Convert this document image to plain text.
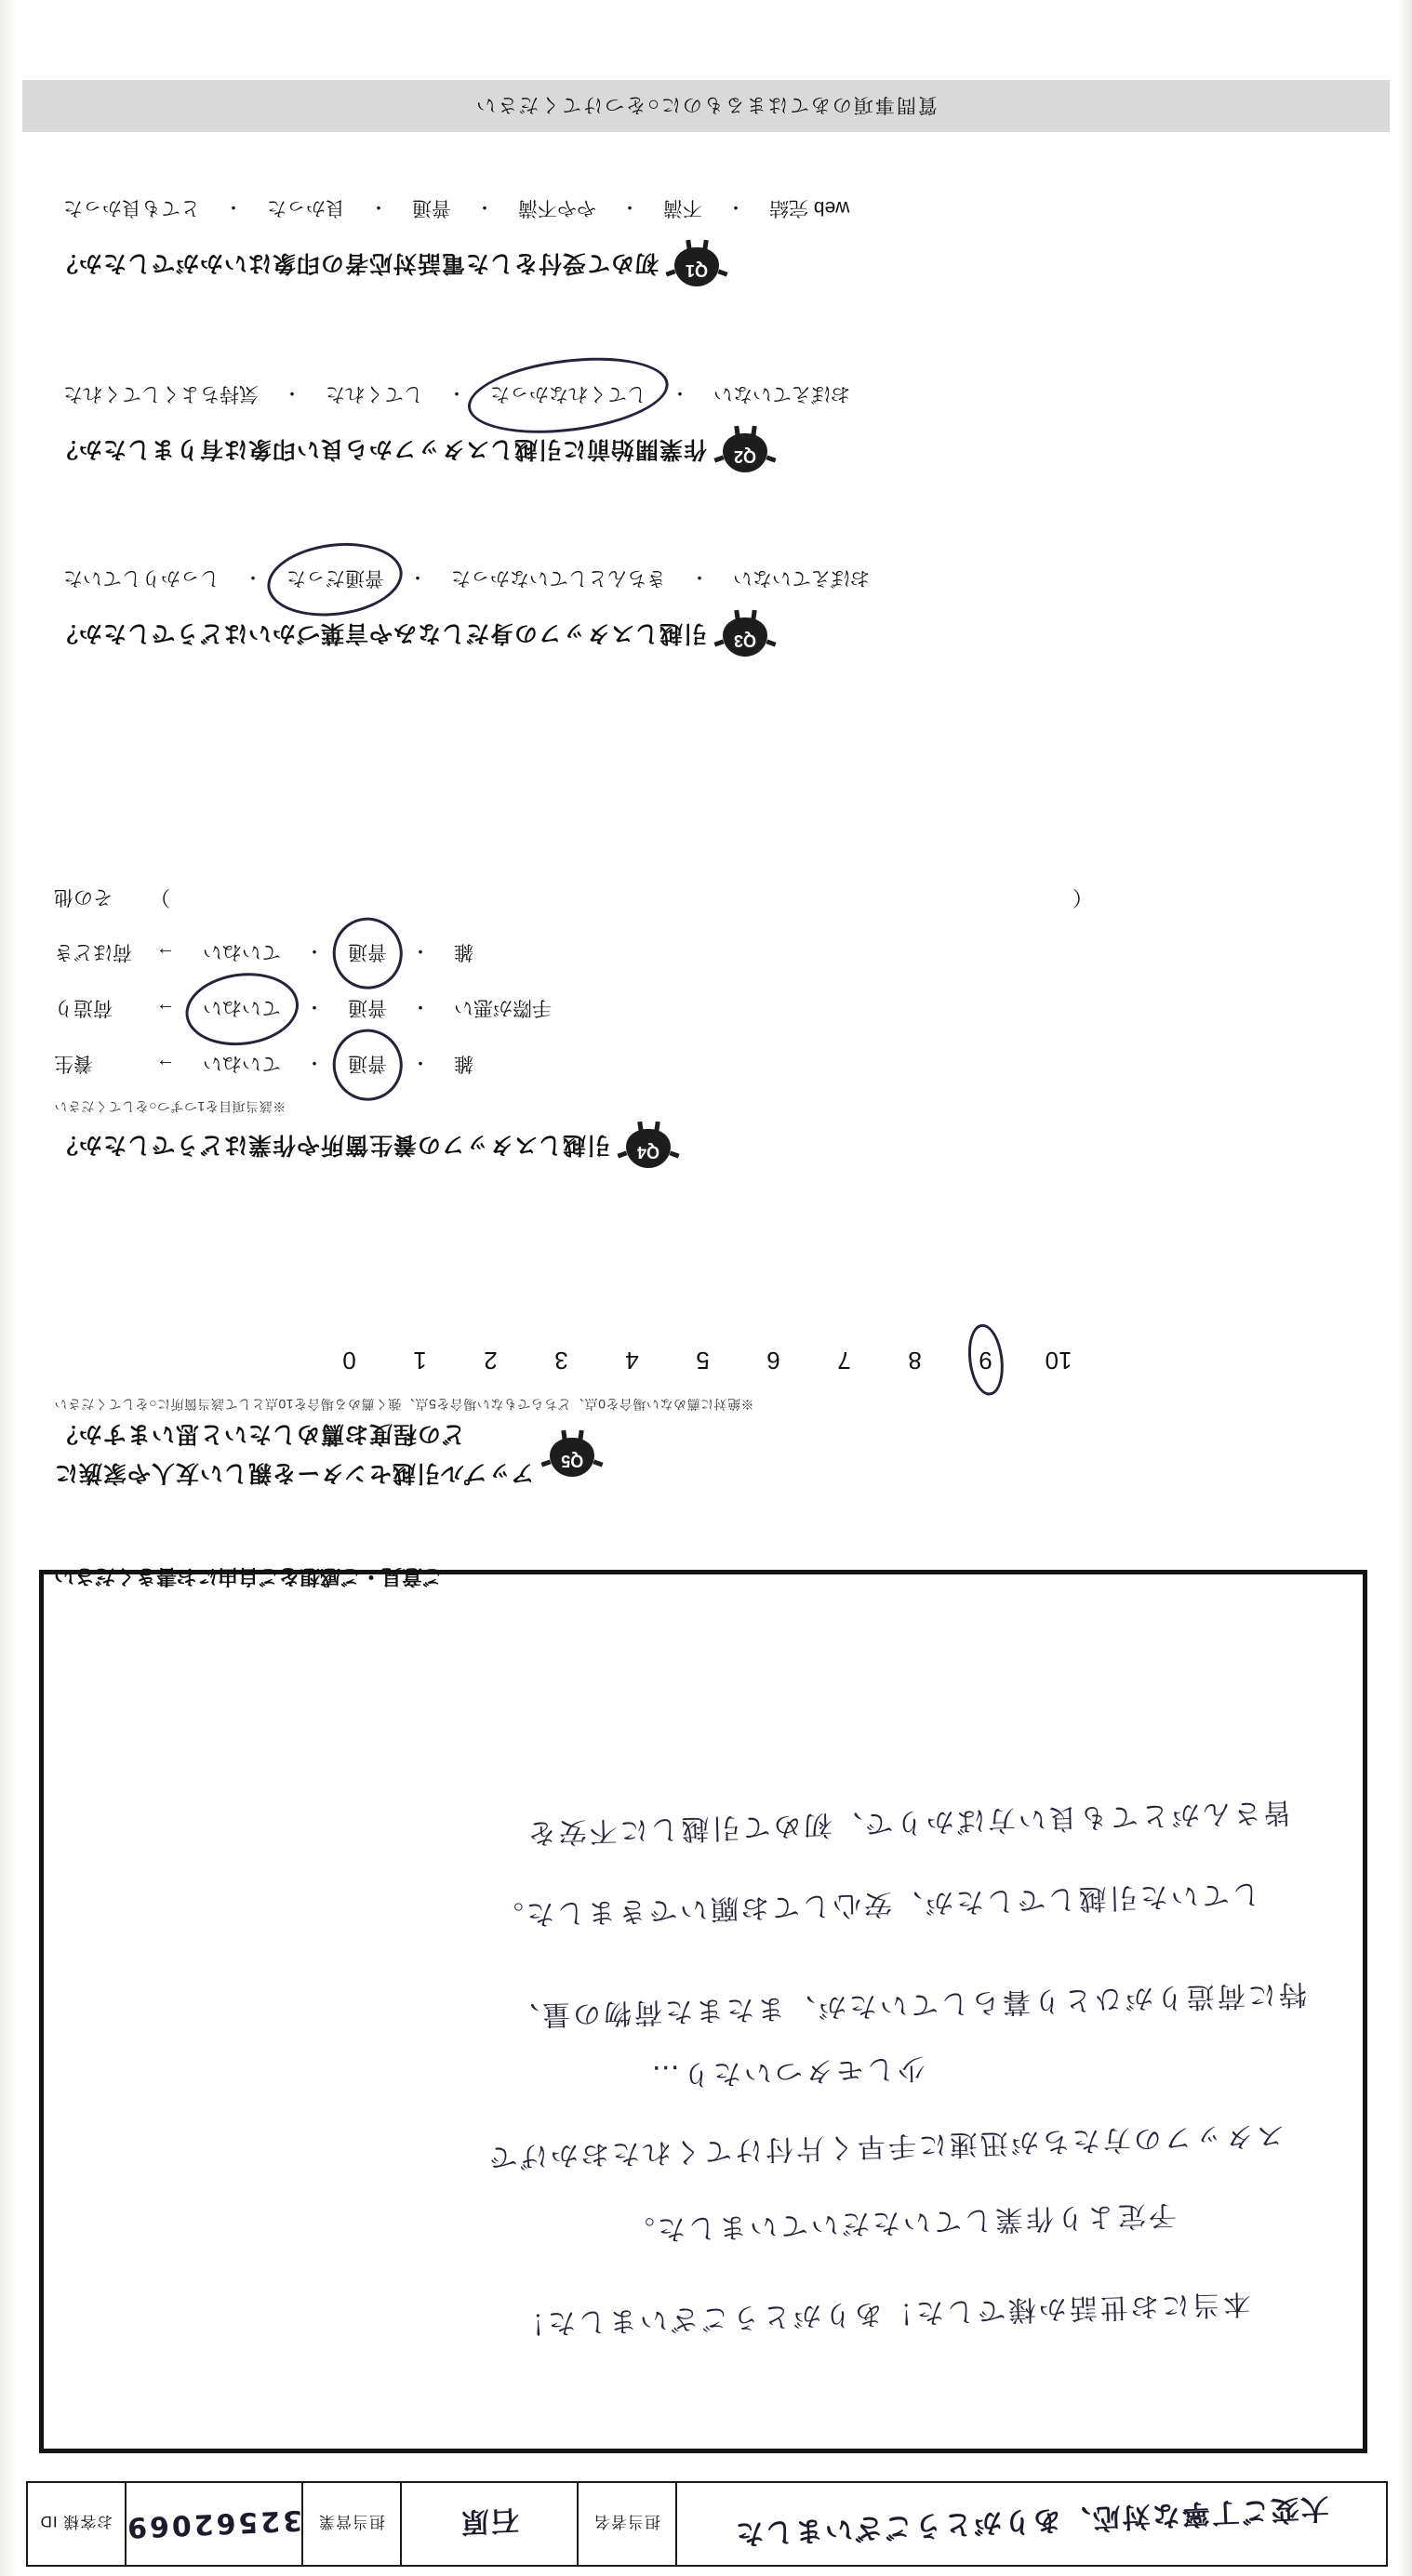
お客様 ID 32562069 担当営業	石原	担当者名	大変ご丁寧な対応、ありがとうございました
本当にお世話か様でした！ありがとうございました！
予定より作業していただいていました。
スタッフの方たちが迅速に手早く片付けてくれたおかげで
少しモタついたり…
特に荷造りがひとり暮らしていたが、またまた荷物の量、
していた引越しでしたが、安心してお願いできました。
皆さんがとても良い方ばかりで、初めて引越しに不安を
ご意見・ご感想をご自由にお書きください
Q5
アップル引越センターを親しい友人や家族に
どの程度お薦めしたいと思いますか？
※絶対に薦めない場合を0点、どちらでもない場合を5点、強く薦める場合を10点として該当箇所に○をしてください
0 1 2 3 4 5 6 7 8 9 10
Q4
引越しスタッフの養生箇所や作業はどうでしたか？
※該当項目を1つずつ○をしてください
養生	→	ていねい	・	普通	・	雑
荷造り	→	ていねい	・	普通	・	手際が悪い
荷ほどき	→	ていねい	・	普通	・	雑
その他 （　　　　　　　　　　　　　　　）
Q3
引越しスタッフの身だしなみや言葉づかいはどうでしたか？
しっかりしていた	・	普通だった	・	きちんとしていなかった	・	おぼえていない
Q2
作業開始前に引越しスタッフから良い印象は有りましたか？
気持ちよくしてくれた	・	してくれた	・	してくれなかった	・	おぼえていない
Q1
初めて受付をした電話対応者の印象はいかがでしたか？
とても良かった	・	良かった	・	普通	・	やや不満	・	不満	・	web 完結
質問事項のあてはまるものに○をつけてください
